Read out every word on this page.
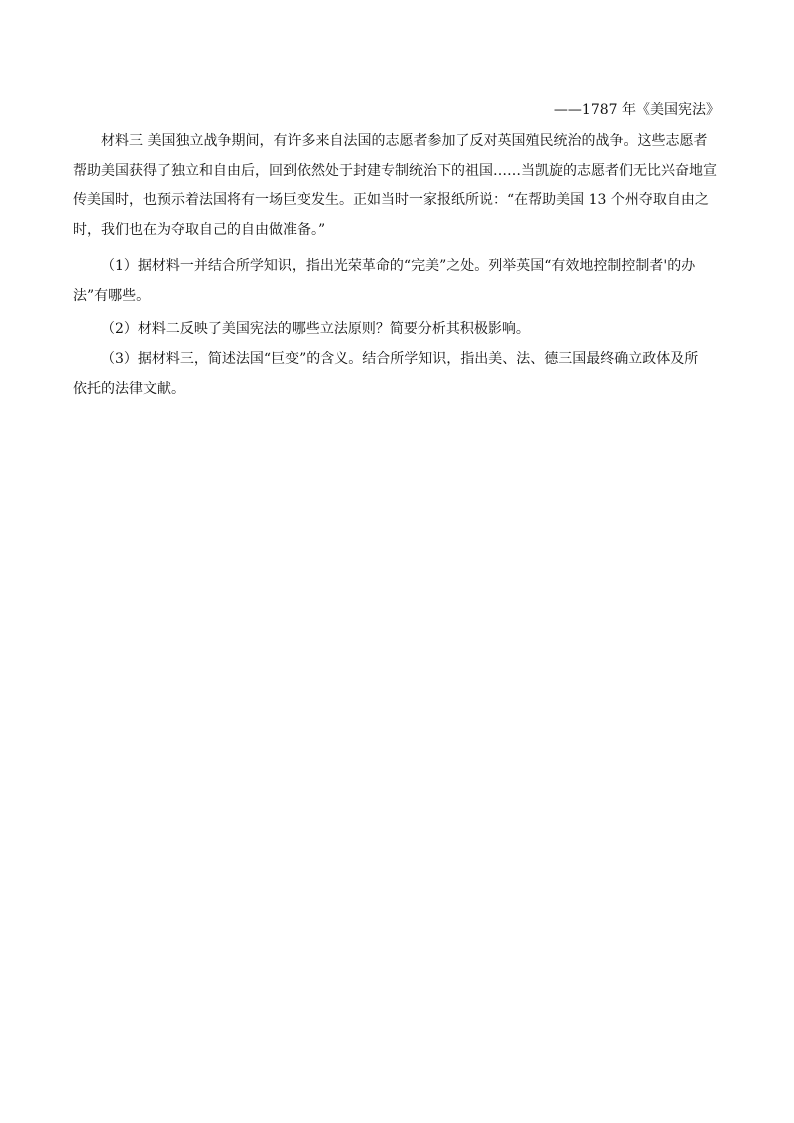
——1787 年《美国宪法》

材料三 美国独立战争期间，有许多来自法国的志愿者参加了反对英国殖民统治的战争。这些志愿者
帮助美国获得了独立和自由后，回到依然处于封建专制统治下的祖国……当凯旋的志愿者们无比兴奋地宣
传美国时，也预示着法国将有一场巨变发生。正如当时一家报纸所说：“在帮助美国 13 个州夺取自由之
时，我们也在为夺取自己的自由做准备。”

（1）据材料一并结合所学知识，指出光荣革命的“完美”之处。列举英国“有效地控制控制者'的办
法”有哪些。

（2）材料二反映了美国宪法的哪些立法原则？简要分析其积极影响。

（3）据材料三，简述法国“巨变”的含义。结合所学知识，指出美、法、德三国最终确立政体及所
依托的法律文献。
